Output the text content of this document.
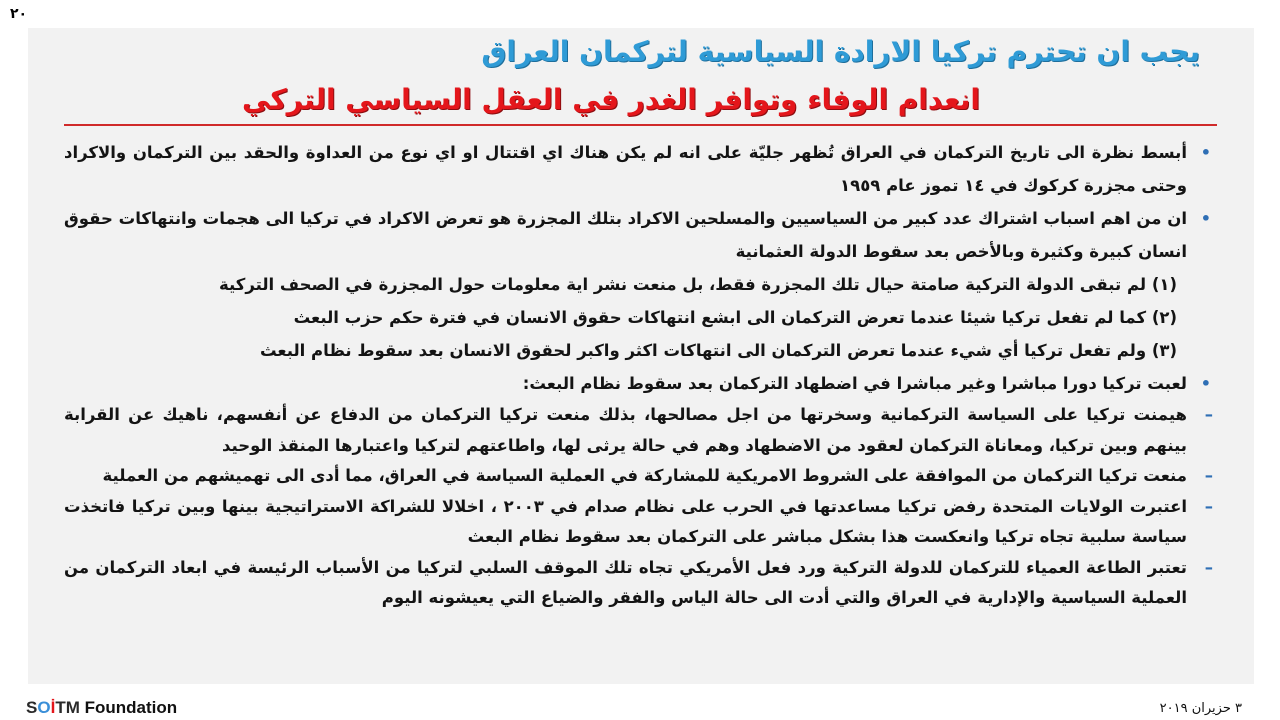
٢٠
يجب ان تحترم تركيا الارادة السياسية لتركمان العراق
انعدام الوفاء وتوافر الغدر في العقل السياسي التركي
•
أبسط نظرة الى تاريخ التركمان في العراق تُظهر جليّة على انه لم يكن هناك اي اقتتال او اي نوع من العداوة والحقد بين التركمان والاكراد وحتى مجزرة كركوك في ١٤ تموز عام ١٩٥٩
•
ان من اهم اسباب اشتراك عدد كبير من السياسيين والمسلحين الاكراد بتلك المجزرة هو تعرض الاكراد في تركيا الى هجمات وانتهاكات حقوق انسان كبيرة وكثيرة وبالأخص بعد سقوط الدولة العثمانية
(١) لم تبقى الدولة التركية صامتة حيال تلك المجزرة فقط، بل منعت نشر اية معلومات حول المجزرة في الصحف التركية
(٢) كما لم تفعل تركيا شيئا عندما تعرض التركمان الى ابشع انتهاكات حقوق الانسان في فترة حكم حزب البعث
(٣) ولم تفعل تركيا أي شيء عندما تعرض التركمان الى انتهاكات اكثر واكبر لحقوق الانسان بعد سقوط نظام البعث
•
لعبت تركيا دورا مباشرا وغير مباشرا في اضطهاد التركمان بعد سقوط نظام البعث:
–
هيمنت تركيا على السياسة التركمانية وسخرتها من اجل مصالحها، بذلك منعت تركيا التركمان من الدفاع عن أنفسهم، ناهيك عن القرابة بينهم وبين تركيا، ومعاناة التركمان لعقود من الاضطهاد وهم في حالة يرثى لها، واطاعتهم لتركيا واعتبارها المنقذ الوحيد
–
منعت تركيا التركمان من الموافقة على الشروط الامريكية للمشاركة في العملية السياسة في العراق، مما أدى الى تهميشهم من العملية
–
اعتبرت الولايات المتحدة رفض تركيا مساعدتها في الحرب على نظام صدام في ٢٠٠٣ ، اخلالا للشراكة الاستراتيجية بينها وبين تركيا فاتخذت سياسة سلبية تجاه تركيا وانعكست هذا بشكل مباشر على التركمان بعد سقوط نظام البعث
–
تعتبر الطاعة العمياء للتركمان للدولة التركية ورد فعل الأمريكي تجاه تلك الموقف السلبي لتركيا من الأسباب الرئيسة في ابعاد التركمان من العملية السياسية والإدارية في العراق والتي أدت الى حالة الياس والفقر والضياع التي يعيشونه اليوم
SOİTM Foundation	٣ حزيران ٢٠١٩
